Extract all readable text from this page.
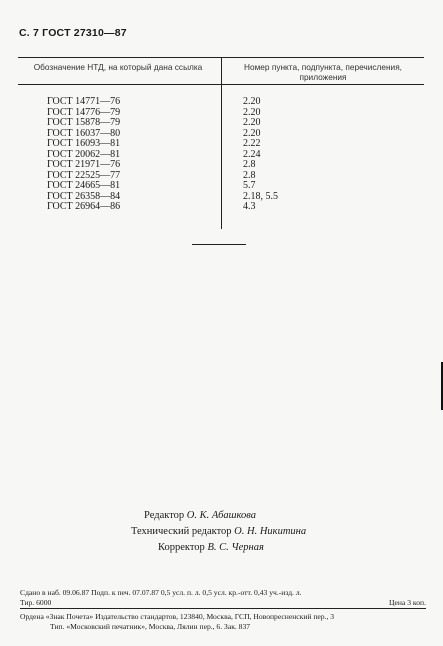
С. 7 ГОСТ 27310—87
Обозначение НТД, на который дана ссылка	Номер пункта, подпункта, перечисления, приложения
ГОСТ 14771—76
ГОСТ 14776—79
ГОСТ 15878—79
ГОСТ 16037—80
ГОСТ 16093—81
ГОСТ 20062—81
ГОСТ 21971—76
ГОСТ 22525—77
ГОСТ 24665—81
ГОСТ 26358—84
ГОСТ 26964—86
2.20
2.20
2.20
2.20
2.22
2.24
2.8
2.8
5.7
2.18, 5.5
4.3
Редактор О. К. Абашкова
Технический редактор О. Н. Никитина
Корректор В. С. Черная
Сдано в наб. 09.06.87 Подп. к печ. 07.07.87 0,5 усл. п. л. 0,5 усл. кр.-отт. 0,43 уч.-изд. л.
Тир. 6000	Цена 3 коп.
Ордена «Знак Почета» Издательство стандартов, 123840, Москва, ГСП, Новопресненский пер., 3
Тип. «Московский печатник», Москва, Лялин пер., 6. Зак. 837
